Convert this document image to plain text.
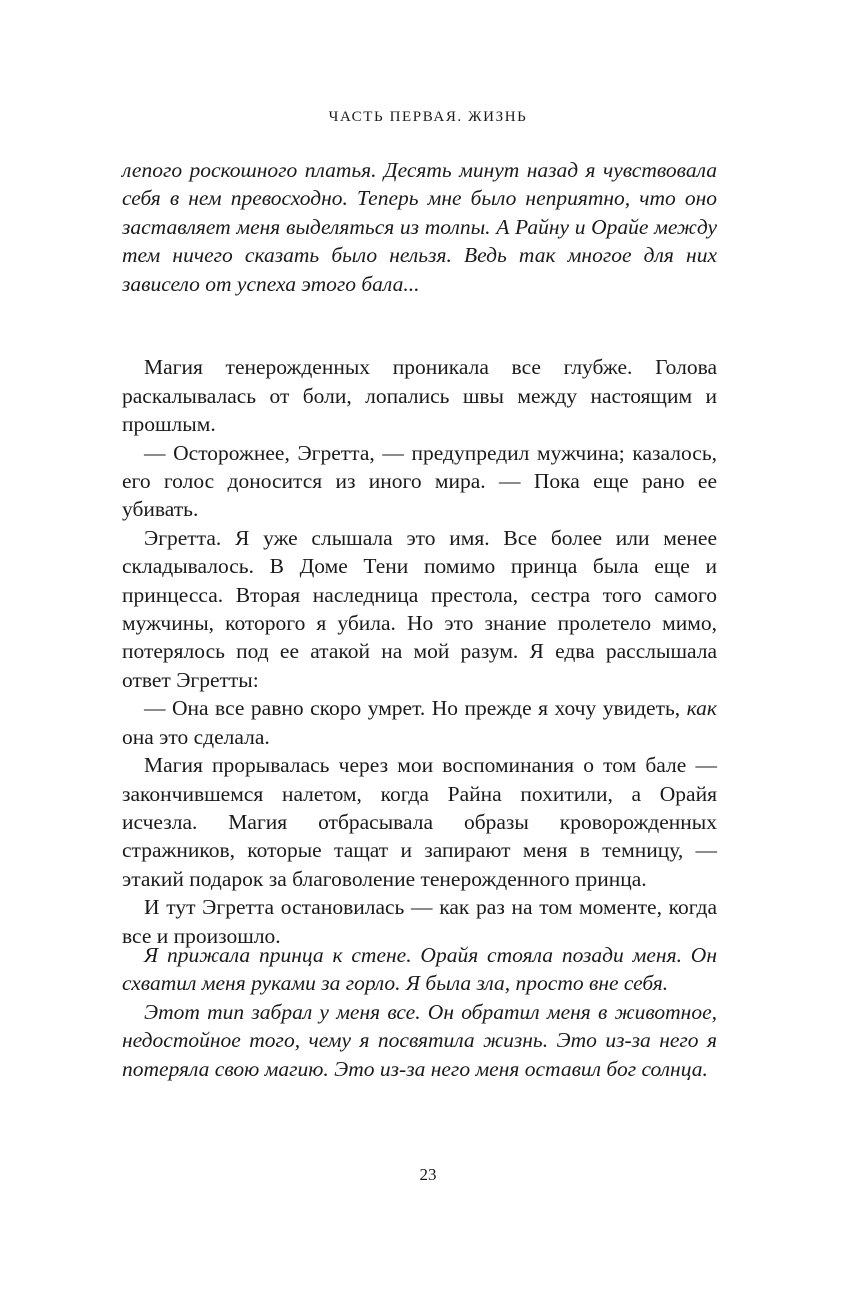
ЧАСТЬ ПЕРВАЯ. ЖИЗНЬ

лепого роскошного платья. Десять минут назад я чувствовала себя в нем превосходно. Теперь мне было неприятно, что оно заставляет меня выделяться из толпы. А Райну и Орайе между тем ничего сказать было нельзя. Ведь так многое для них зависело от успеха этого бала...

Магия тенерожденных проникала все глубже. Голова раскалывалась от боли, лопались швы между настоящим и прошлым.

— Осторожнее, Эгретта, — предупредил мужчина; казалось, его голос доносится из иного мира. — Пока еще рано ее убивать.

Эгретта. Я уже слышала это имя. Все более или менее складывалось. В Доме Тени помимо принца была еще и принцесса. Вторая наследница престола, сестра того самого мужчины, которого я убила. Но это знание пролетело мимо, потерялось под ее атакой на мой разум. Я едва расслышала ответ Эгретты:

— Она все равно скоро умрет. Но прежде я хочу увидеть, как она это сделала.

Магия прорывалась через мои воспоминания о том бале — закончившемся налетом, когда Райна похитили, а Орайя исчезла. Магия отбрасывала образы кроворожденных стражников, которые тащат и запирают меня в темницу, — этакий подарок за благоволение тенерожденного принца.

И тут Эгретта остановилась — как раз на том моменте, когда все и произошло.

Я прижала принца к стене. Орайя стояла позади меня. Он схватил меня руками за горло. Я была зла, просто вне себя.

Этот тип забрал у меня все. Он обратил меня в животное, недостойное того, чему я посвятила жизнь. Это из-за него я потеряла свою магию. Это из-за него меня оставил бог солнца.

23
